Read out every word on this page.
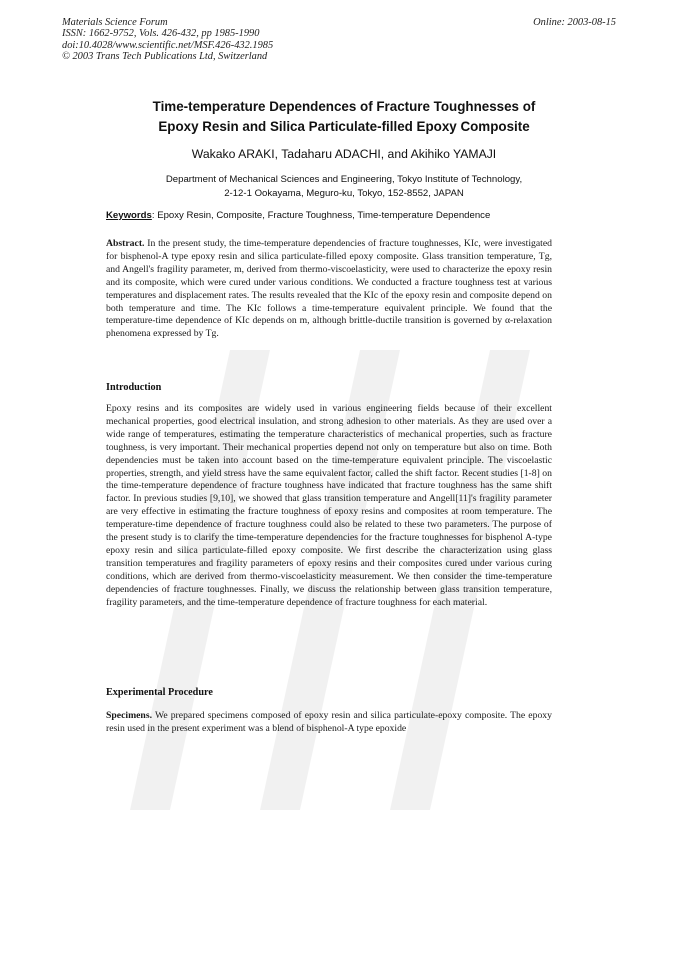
Materials Science Forum
ISSN: 1662-9752, Vols. 426-432, pp 1985-1990
doi:10.4028/www.scientific.net/MSF.426-432.1985
© 2003 Trans Tech Publications Ltd, Switzerland
Online: 2003-08-15
Time-temperature Dependences of Fracture Toughnesses of
Epoxy Resin and Silica Particulate-filled Epoxy Composite
Wakako ARAKI, Tadaharu ADACHI, and Akihiko YAMAJI
Department of Mechanical Sciences and Engineering, Tokyo Institute of Technology,
2-12-1 Ookayama, Meguro-ku, Tokyo, 152-8552, JAPAN
Keywords: Epoxy Resin, Composite, Fracture Toughness, Time-temperature Dependence
Abstract. In the present study, the time-temperature dependencies of fracture toughnesses, KIc, were investigated for bisphenol-A type epoxy resin and silica particulate-filled epoxy composite. Glass transition temperature, Tg, and Angell's fragility parameter, m, derived from thermo-viscoelasticity, were used to characterize the epoxy resin and its composite, which were cured under various conditions. We conducted a fracture toughness test at various temperatures and displacement rates. The results revealed that the KIc of the epoxy resin and composite depend on both temperature and time. The KIc follows a time-temperature equivalent principle. We found that the temperature-time dependence of KIc depends on m, although brittle-ductile transition is governed by α-relaxation phenomena expressed by Tg.
Introduction
Epoxy resins and its composites are widely used in various engineering fields because of their excellent mechanical properties, good electrical insulation, and strong adhesion to other materials. As they are used over a wide range of temperatures, estimating the temperature characteristics of mechanical properties, such as fracture toughness, is very important. Their mechanical properties depend not only on temperature but also on time. Both dependencies must be taken into account based on the time-temperature equivalent principle. The viscoelastic properties, strength, and yield stress have the same equivalent factor, called the shift factor. Recent studies [1-8] on the time-temperature dependence of fracture toughness have indicated that fracture toughness has the same shift factor. In previous studies [9,10], we showed that glass transition temperature and Angell[11]'s fragility parameter are very effective in estimating the fracture toughness of epoxy resins and composites at room temperature. The temperature-time dependence of fracture toughness could also be related to these two parameters. The purpose of the present study is to clarify the time-temperature dependencies for the fracture toughnesses for bisphenol A-type epoxy resin and silica particulate-filled epoxy composite. We first describe the characterization using glass transition temperatures and fragility parameters of epoxy resins and their composites cured under various curing conditions, which are derived from thermo-viscoelasticity measurement. We then consider the time-temperature dependencies of fracture toughnesses. Finally, we discuss the relationship between glass transition temperature, fragility parameters, and the time-temperature dependence of fracture toughness for each material.
Experimental Procedure
Specimens. We prepared specimens composed of epoxy resin and silica particulate-epoxy composite. The epoxy resin used in the present experiment was a blend of bisphenol-A type epoxide
